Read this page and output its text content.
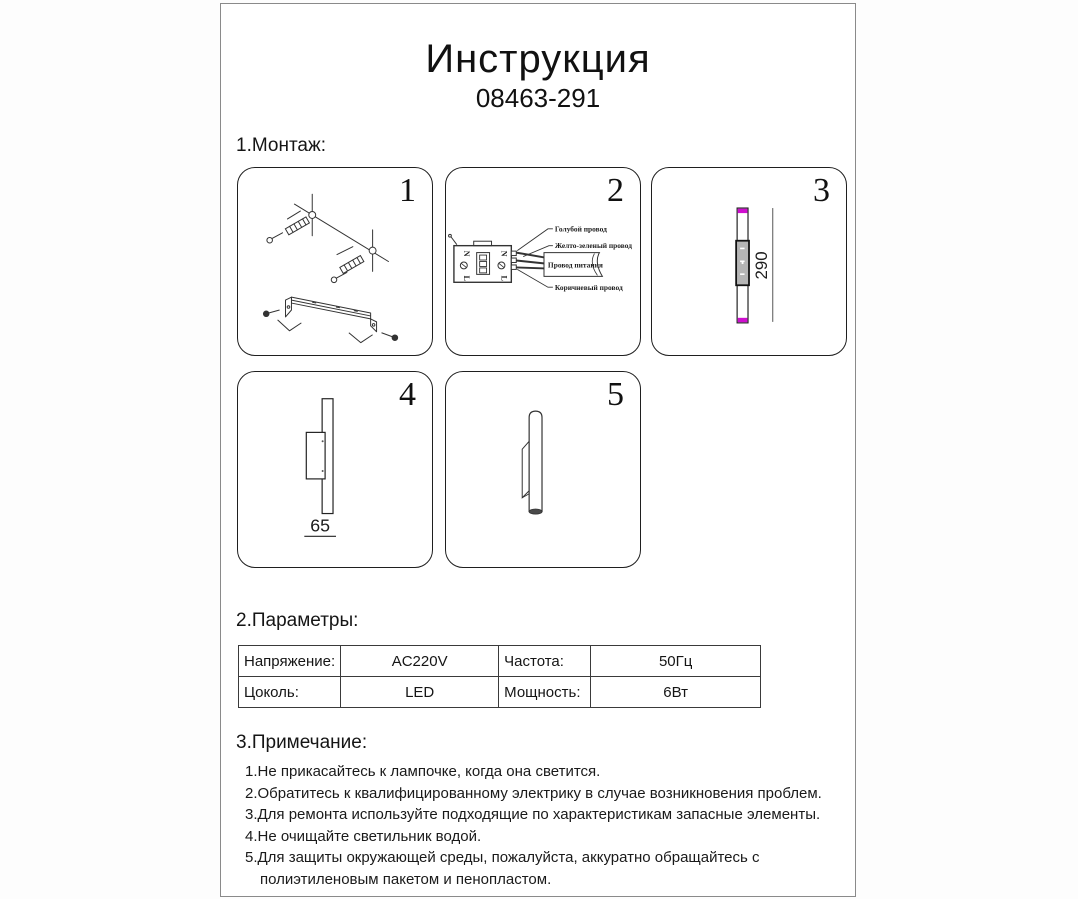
Инструкция
08463-291
1.Монтаж:
1
N
L
N
L
Голубой провод
Желто-зеленый провод
Провод питания
Коричневый провод
2
290
3
65
4	5
2.Параметры:
Напряжение:	AC220V	Частота:	50Гц
Цоколь:	LED	Мощность:	6Вт
3.Примечание:
1.Не прикасайтесь к лампочке, когда она светится.
2.Обратитесь к квалифицированному электрику в случае возникновения проблем.
3.Для ремонта используйте подходящие по характеристикам запасные элементы.
4.Не очищайте светильник водой.
5.Для защиты окружающей среды, пожалуйста, аккуратно обращайтесь с
полиэтиленовым пакетом и пенопластом.
